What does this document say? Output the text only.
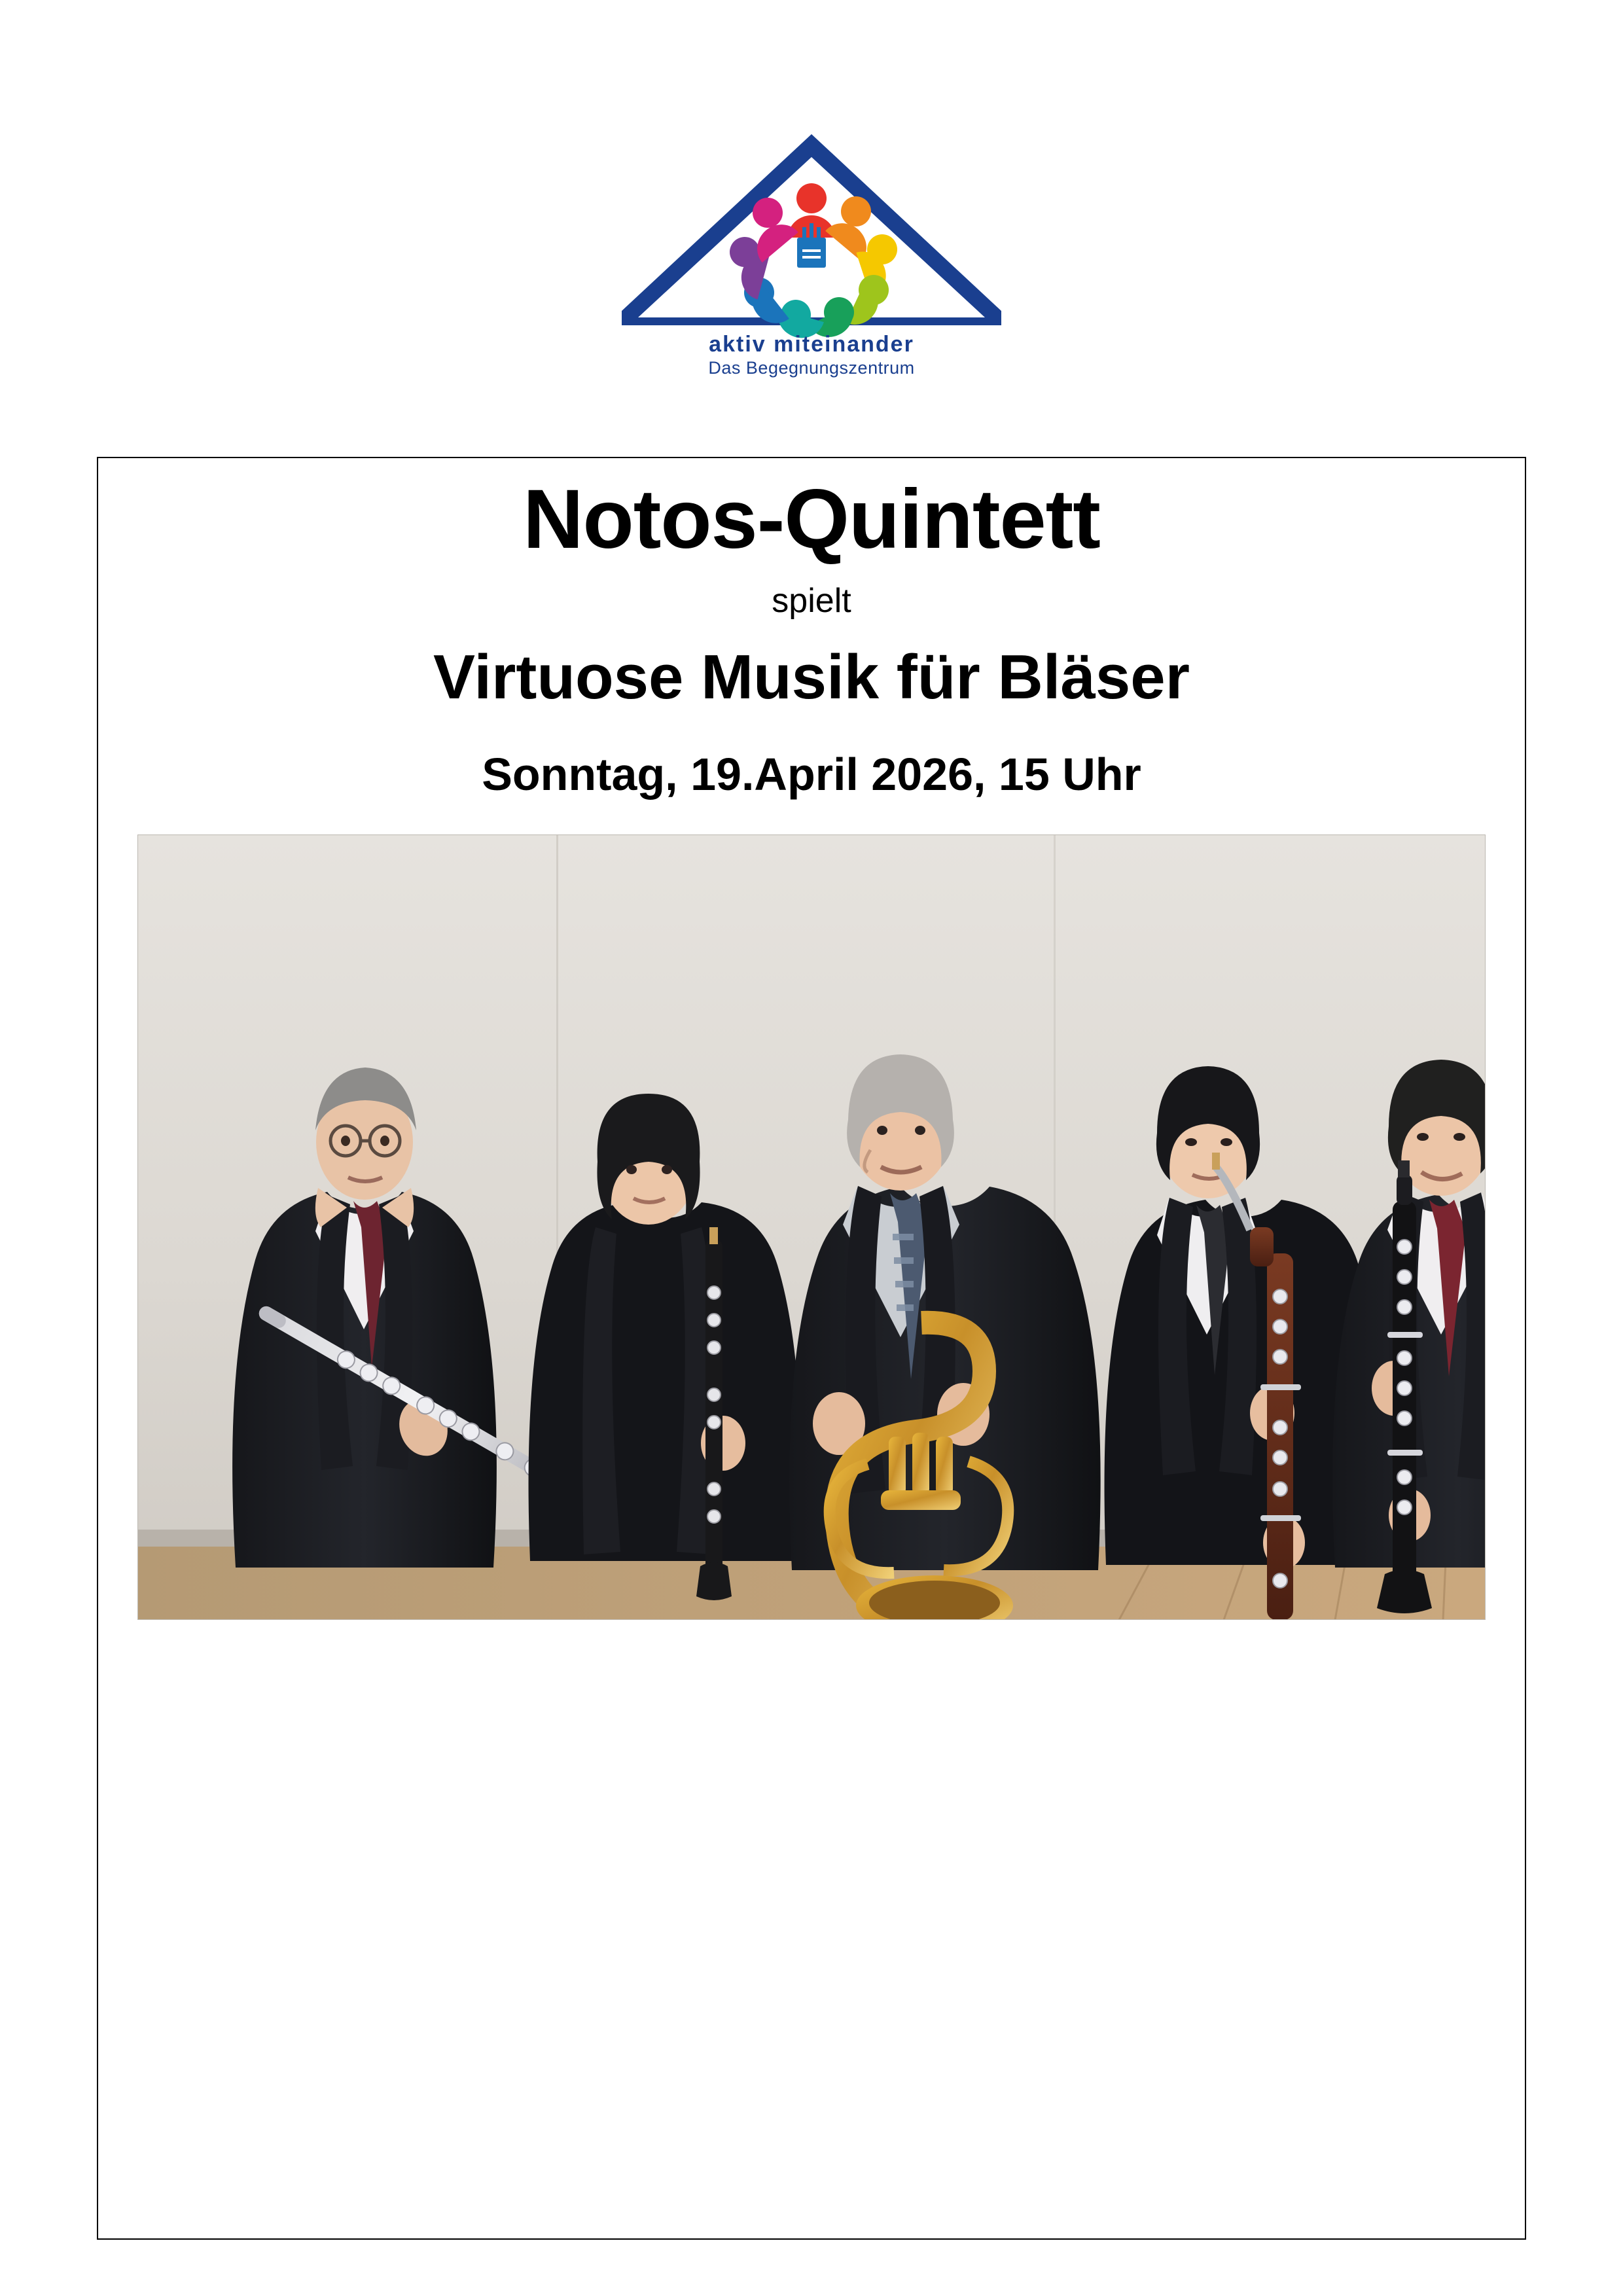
aktiv miteinander
Das Begegnungszentrum
Notos-Quintett

spielt

Virtuose Musik für Bläser

Sonntag, 19.April 2026, 15 Uhr
